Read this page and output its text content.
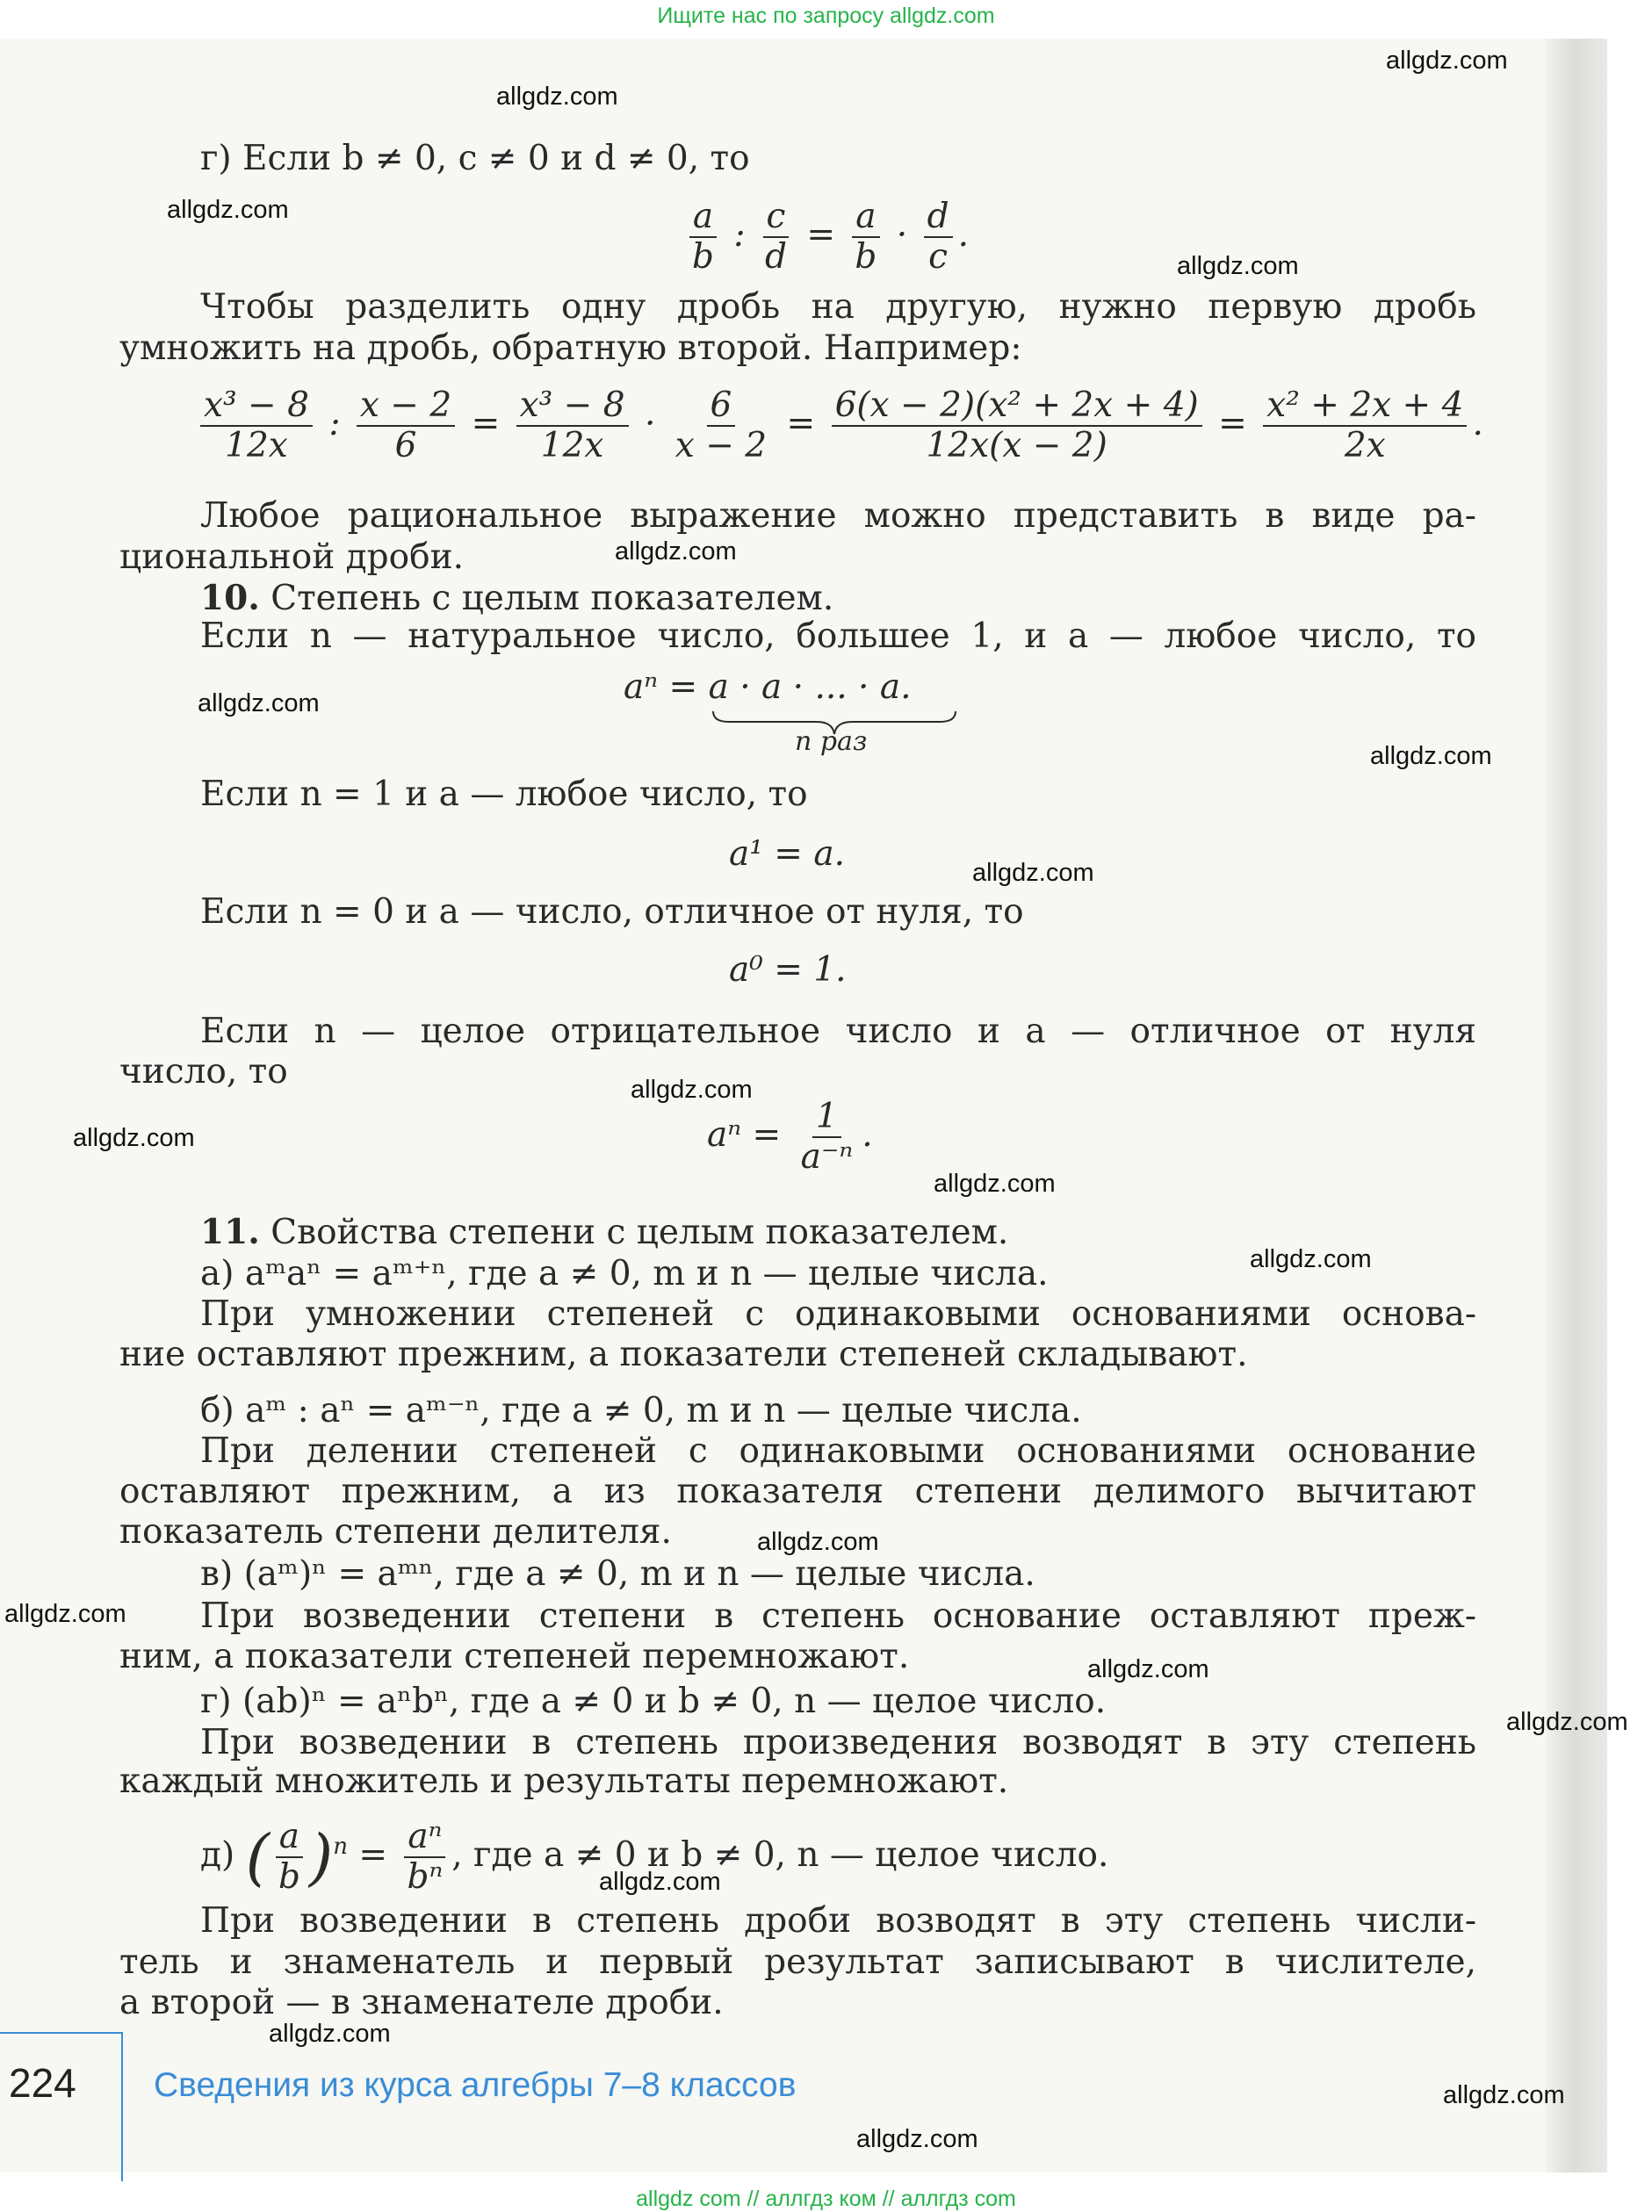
Ищите нас по запросу allgdz.com
allgdz.com
allgdz.com
allgdz.com
allgdz.com
allgdz.com
allgdz.com
allgdz.com
allgdz.com
allgdz.com
allgdz.com
allgdz.com
allgdz.com
allgdz.com
allgdz.com
allgdz.com
allgdz.com
allgdz.com
allgdz.com
allgdz.com
allgdz.com
г) Если b ≠ 0, c ≠ 0 и d ≠ 0, то
$\frac{a}{b}$ : $\frac{c}{d} = \frac{a}{b} \cdot \frac{d}{c}$ .
Чтобы разделить одну дробь на другую, нужно первую дробь
умножить на дробь, обратную второй. Например:
$\frac{\text{x³ − 8}}{12x}$ : $\frac{x - 2}{6} = \frac{\text{x³ − 8}}{12x} \cdot \frac{6}{x - 2} = \frac{\text{6(x − 2)(x² + 2x + 4)}}{12x(x - 2)} = \frac{\text{x² + 2x + 4}}{2x}$ .
Любое рациональное выражение можно представить в виде ра-
циональной дроби.
10. Степень с целым показателем.
Если n — натуральное число, большее 1, и a — любое число, то
aⁿ = a · a · ... · a.
n раз
Если n = 1 и a — любое число, то
a¹ = a.
Если n = 0 и a — число, отличное от нуля, то
a⁰ = 1.
Если n — целое отрицательное число и a — отличное от нуля
число, то
$a^n = \frac{1}{\text{a⁻ⁿ}}$ .
11. Свойства степени с целым показателем.
а) aᵐaⁿ = aᵐ⁺ⁿ, где a ≠ 0, m и n — целые числа.
При умножении степеней с одинаковыми основаниями основа-
ние оставляют прежним, а показатели степеней складывают.
б) aᵐ : aⁿ = aᵐ⁻ⁿ, где a ≠ 0, m и n — целые числа.
При делении степеней с одинаковыми основаниями основание
оставляют прежним, а из показателя степени делимого вычитают
показатель степени делителя.
в) (aᵐ)ⁿ = aᵐⁿ, где a ≠ 0, m и n — целые числа.
При возведении степени в степень основание оставляют преж-
ним, а показатели степеней перемножают.
г) (ab)ⁿ = aⁿbⁿ, где a ≠ 0 и b ≠ 0, n — целое число.
При возведении в степень произведения возводят в эту степень
каждый множитель и результаты перемножают.
д) ( $\frac{a}{b} )^n = \frac{\text{aⁿ}}{\text{bⁿ}}$ , где a ≠ 0 и b ≠ 0, n — целое число.
При возведении в степень дроби возводят в эту степень числи-
тель и знаменатель и первый результат записывают в числителе,
а второй — в знаменателе дроби.
224 Сведения из курса алгебры 7–8 классов
allgdz com // аллгдз ком // аллгдз com
